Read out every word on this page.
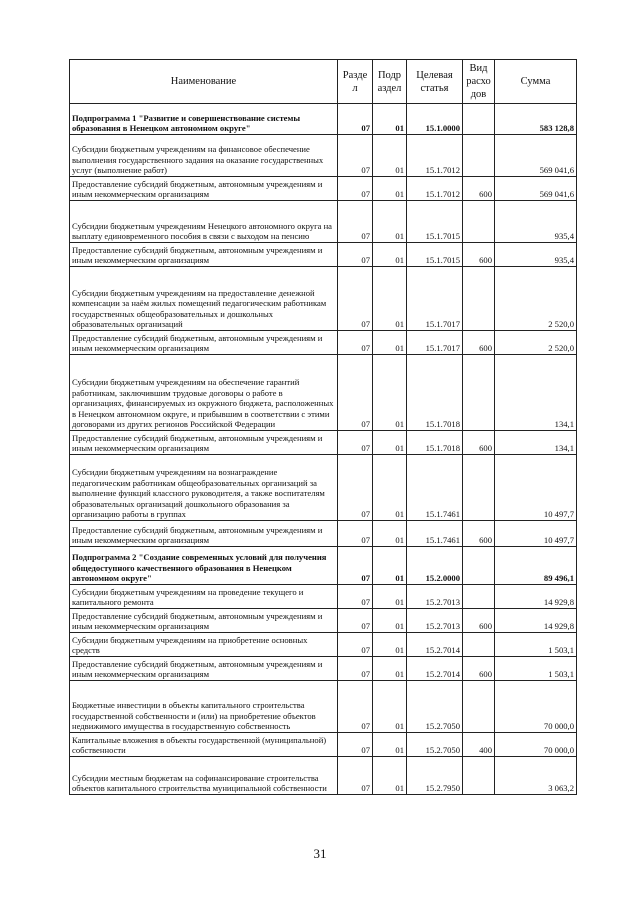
Наименование	Разде л	Подр аздел	Целевая статья	Вид расхо дов	Сумма
Подпрограмма 1 "Развитие и совершенствование системы образования в Ненецком автономном округе"	07	01	15.1.0000		583 128,8
Субсидии бюджетным учреждениям на финансовое обеспечение выполнения государственного задания на оказание государственных услуг (выполнение работ)	07	01	15.1.7012		569 041,6
Предоставление субсидий бюджетным, автономным учреждениям и иным некоммерческим организациям	07	01	15.1.7012	600	569 041,6
Субсидии бюджетным учреждениям Ненецкого автономного округа на выплату единовременного пособия в связи с выходом на пенсию	07	01	15.1.7015		935,4
Предоставление субсидий бюджетным, автономным учреждениям и иным некоммерческим организациям	07	01	15.1.7015	600	935,4
Субсидии бюджетным учреждениям на предоставление денежной компенсации за наём жилых помещений педагогическим работникам государственных общеобразовательных и дошкольных образовательных организаций	07	01	15.1.7017		2 520,0
Предоставление субсидий бюджетным, автономным учреждениям и иным некоммерческим организациям	07	01	15.1.7017	600	2 520,0
Субсидии бюджетным учреждениям на обеспечение гарантий работникам, заключившим трудовые договоры о работе в организациях, финансируемых из окружного бюджета, расположенных в Ненецком автономном округе, и прибывшим в соответствии с этими договорами из других регионов Российской Федерации	07	01	15.1.7018		134,1
Предоставление субсидий бюджетным, автономным учреждениям и иным некоммерческим организациям	07	01	15.1.7018	600	134,1
Субсидии бюджетным учреждениям на вознаграждение педагогическим работникам общеобразовательных организаций за выполнение функций классного руководителя, а также воспитателям образовательных организаций дошкольного образования за организацию работы в группах	07	01	15.1.7461		10 497,7
Предоставление субсидий бюджетным, автономным учреждениям и иным некоммерческим организациям	07	01	15.1.7461	600	10 497,7
Подпрограмма 2 "Создание современных условий для получения общедоступного качественного образования в Ненецком автономном округе"	07	01	15.2.0000		89 496,1
Субсидии бюджетным учреждениям на проведение текущего и капитального ремонта	07	01	15.2.7013		14 929,8
Предоставление субсидий бюджетным, автономным учреждениям и иным некоммерческим организациям	07	01	15.2.7013	600	14 929,8
Субсидии бюджетным учреждениям на приобретение основных средств	07	01	15.2.7014		1 503,1
Предоставление субсидий бюджетным, автономным учреждениям и иным некоммерческим организациям	07	01	15.2.7014	600	1 503,1
Бюджетные инвестиции в объекты капитального строительства государственной собственности и (или) на приобретение объектов недвижимого имущества в государственную собственность	07	01	15.2.7050		70 000,0
Капитальные вложения в объекты государственной (муниципальной) собственности	07	01	15.2.7050	400	70 000,0
Субсидии местным бюджетам на софинансирование строительства объектов капитального строительства муниципальной собственности	07	01	15.2.7950		3 063,2
31
